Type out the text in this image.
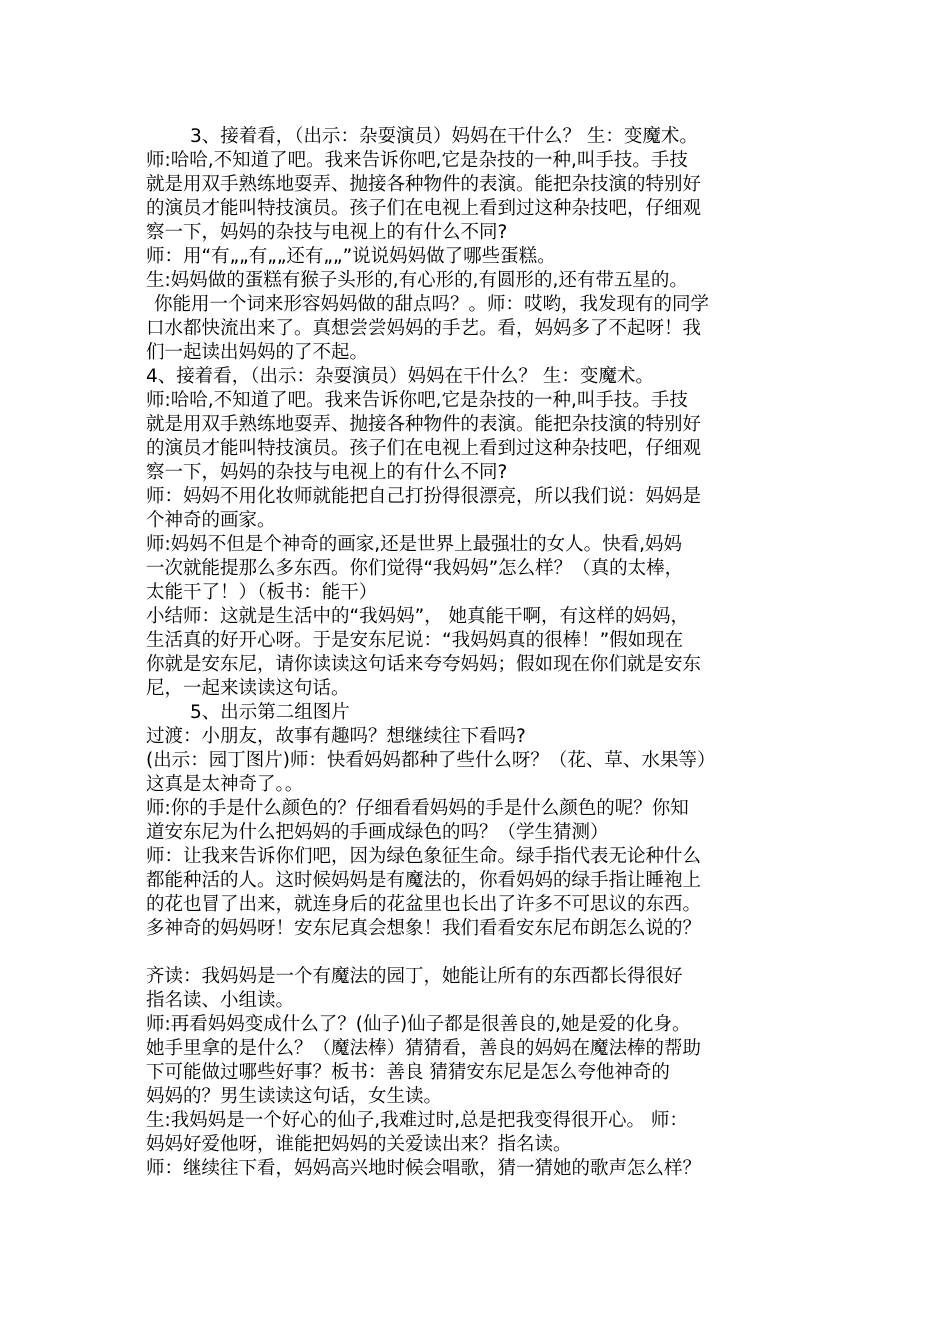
3、接着看，（出示：杂耍演员）妈妈在干什么？ 生：变魔术。
师:哈哈,不知道了吧。我来告诉你吧,它是杂技的一种,叫手技。手技
就是用双手熟练地耍弄、抛接各种物件的表演。能把杂技演的特别好
的演员才能叫特技演员。孩子们在电视上看到过这种杂技吧，仔细观
察一下，妈妈的杂技与电视上的有什么不同?
师：用“有„„有„„还有„„”说说妈妈做了哪些蛋糕。
生:妈妈做的蛋糕有猴子头形的,有心形的,有圆形的,还有带五星的。
你能用一个词来形容妈妈做的甜点吗？。师：哎哟，我发现有的同学
口水都快流出来了。真想尝尝妈妈的手艺。看，妈妈多了不起呀！我
们一起读出妈妈的了不起。
4、接着看，（出示：杂耍演员）妈妈在干什么？ 生：变魔术。
师:哈哈,不知道了吧。我来告诉你吧,它是杂技的一种,叫手技。手技
就是用双手熟练地耍弄、抛接各种物件的表演。能把杂技演的特别好
的演员才能叫特技演员。孩子们在电视上看到过这种杂技吧，仔细观
察一下，妈妈的杂技与电视上的有什么不同?
师：妈妈不用化妆师就能把自己打扮得很漂亮，所以我们说：妈妈是
个神奇的画家。
师:妈妈不但是个神奇的画家,还是世界上最强壮的女人。快看,妈妈
一次就能提那么多东西。你们觉得“我妈妈”怎么样？（真的太棒，
太能干了！）（板书：能干）
小结师：这就是生活中的“我妈妈”， 她真能干啊，有这样的妈妈，
生活真的好开心呀。于是安东尼说：“我妈妈真的很棒！”假如现在
你就是安东尼，请你读读这句话来夸夸妈妈；假如现在你们就是安东
尼，一起来读读这句话。
5、出示第二组图片
过渡：小朋友，故事有趣吗？想继续往下看吗?
(出示：园丁图片)师：快看妈妈都种了些什么呀？（花、草、水果等）
这真是太神奇了。。
师:你的手是什么颜色的？仔细看看妈妈的手是什么颜色的呢？你知
道安东尼为什么把妈妈的手画成绿色的吗？（学生猜测）
师：让我来告诉你们吧，因为绿色象征生命。绿手指代表无论种什么
都能种活的人。这时候妈妈是有魔法的，你看妈妈的绿手指让睡袍上
的花也冒了出来，就连身后的花盆里也长出了许多不可思议的东西。
多神奇的妈妈呀！安东尼真会想象！我们看看安东尼布朗怎么说的？
齐读：我妈妈是一个有魔法的园丁，她能让所有的东西都长得很好
指名读、小组读。
师:再看妈妈变成什么了？(仙子)仙子都是很善良的,她是爱的化身。
她手里拿的是什么？（魔法棒）猜猜看，善良的妈妈在魔法棒的帮助
下可能做过哪些好事？板书：善良 猜猜安东尼是怎么夸他神奇的
妈妈的？男生读读这句话，女生读。
生:我妈妈是一个好心的仙子,我难过时,总是把我变得很开心。 师：
妈妈好爱他呀，谁能把妈妈的关爱读出来？指名读。
师：继续往下看，妈妈高兴地时候会唱歌，猜一猜她的歌声怎么样？
